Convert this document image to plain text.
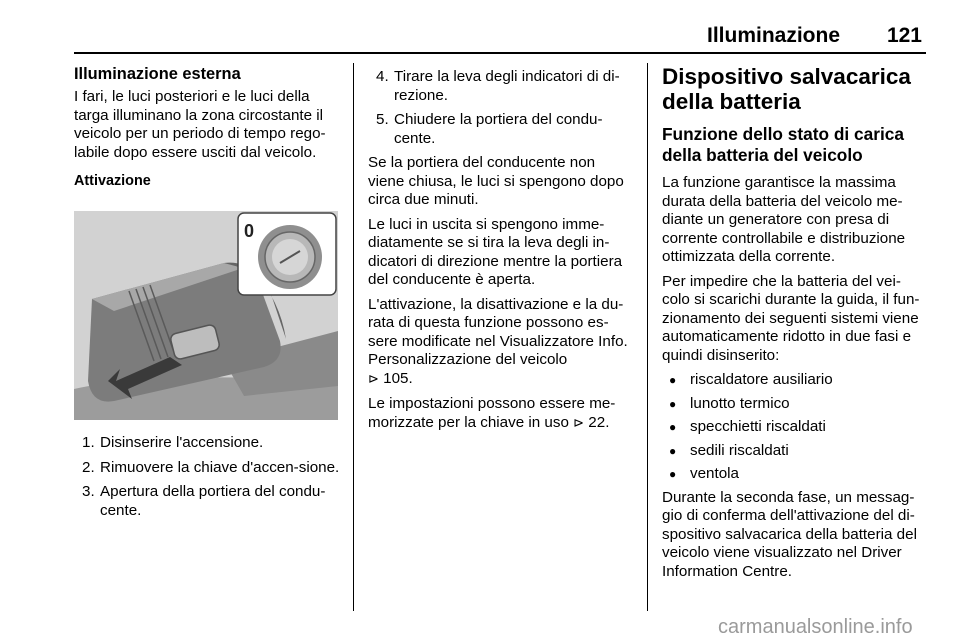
Illuminazione	121
Illuminazione esterna

I fari, le luci posteriori e le luci della targa illuminano la zona circostante il veicolo per un periodo di tempo rego-labile dopo essere usciti dal veicolo.

Attivazione
0
1. Disinserire l'accensione.
2. Rimuovere la chiave d'accen-sione.
3. Apertura della portiera del condu-cente.
4. Tirare la leva degli indicatori di di-rezione.
5. Chiudere la portiera del condu-cente.

Se la portiera del conducente non viene chiusa, le luci si spengono dopo circa due minuti.

Le luci in uscita si spengono imme-diatamente se si tira la leva degli in-dicatori di direzione mentre la portiera del conducente è aperta.

L'attivazione, la disattivazione e la du-rata di questa funzione possono es-sere modificate nel Visualizzatore Info. Personalizzazione del veicolo
⊳ 105.

Le impostazioni possono essere me-morizzate per la chiave in uso ⊳ 22.

Dispositivo salvacarica della batteria
Funzione dello stato di carica della batteria del veicolo

La funzione garantisce la massima durata della batteria del veicolo me-diante un generatore con presa di corrente controllabile e distribuzione ottimizzata della corrente.

Per impedire che la batteria del vei-colo si scarichi durante la guida, il fun-zionamento dei seguenti sistemi viene automaticamente ridotto in due fasi e quindi disinserito:

● riscaldatore ausiliario
● lunotto termico
● specchietti riscaldati
● sedili riscaldati
● ventola

Durante la seconda fase, un messag-gio di conferma dell'attivazione del di-spositivo salvacarica della batteria del veicolo viene visualizzato nel Driver Information Centre.

carmanualsonline.info
